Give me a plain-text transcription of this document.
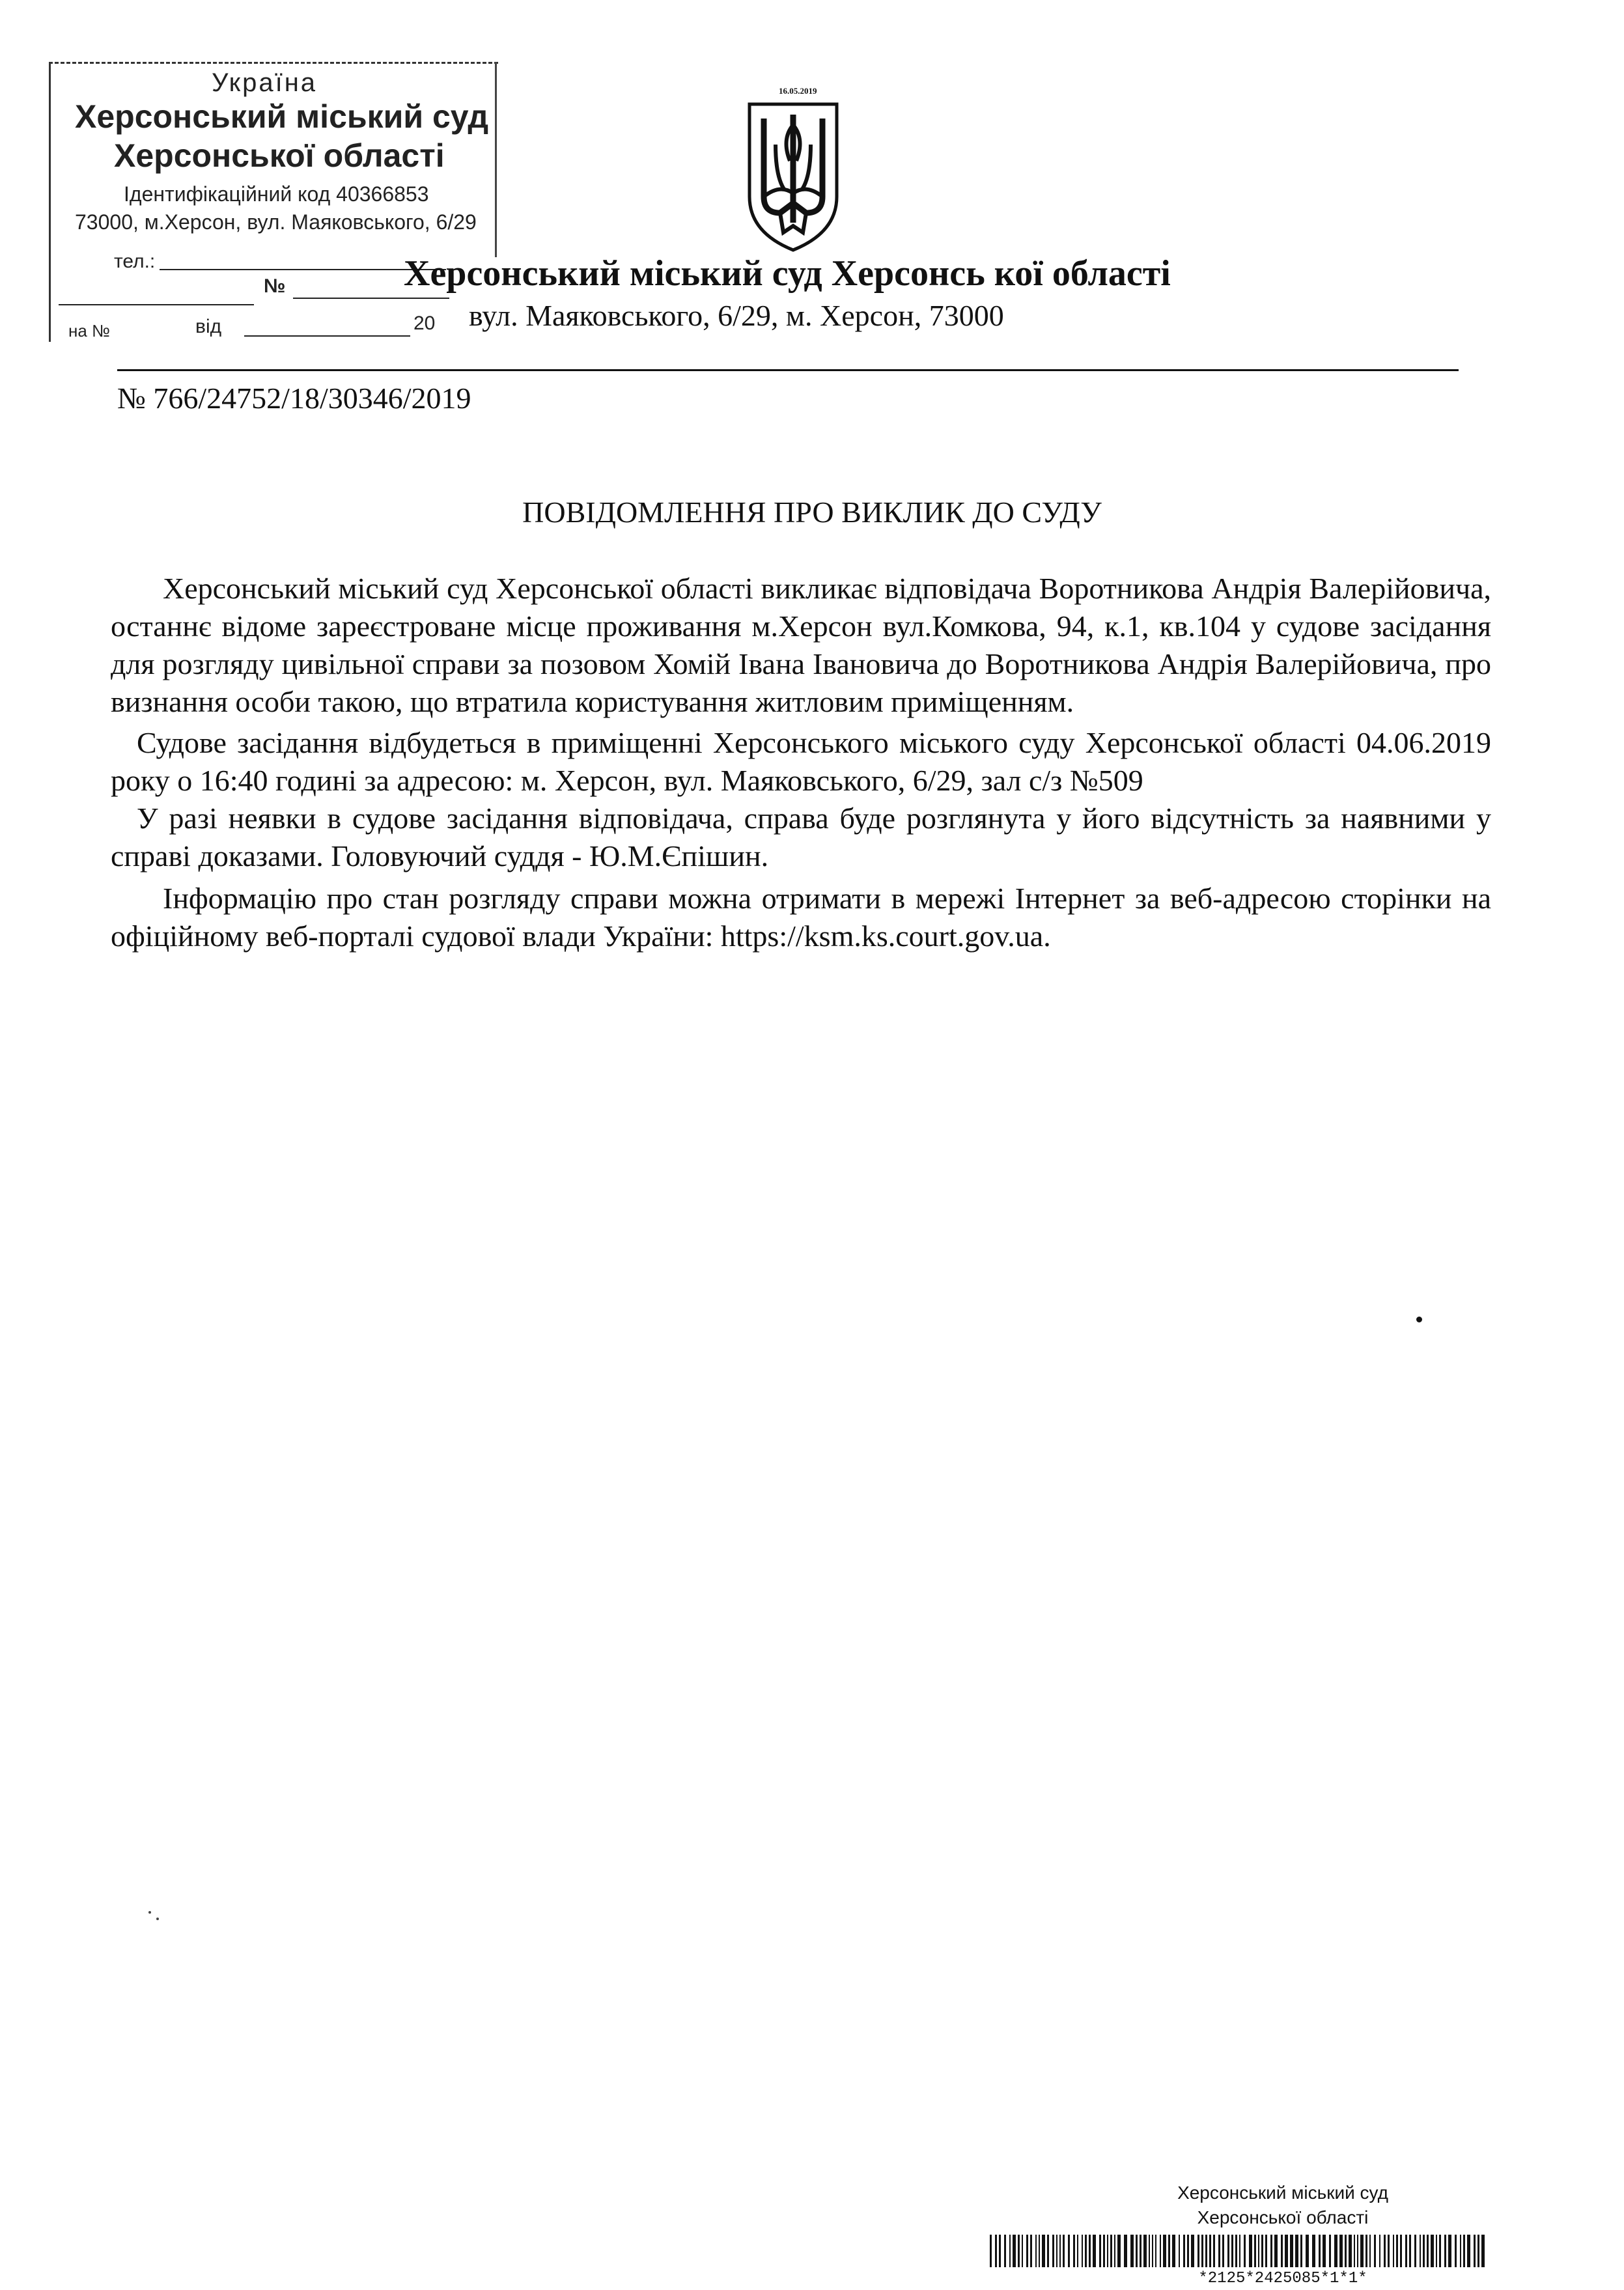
Україна
Херсонський міський суд
Херсонської області
Ідентифікаційний код 40366853
73000, м.Херсон, вул. Маяковського, 6/29
тел.:
№
на №	від	20
16.05.2019
Херсонський міський суд Херсонсь кої області
вул. Маяковського, 6/29, м. Херсон, 73000
№ 766/24752/18/30346/2019
ПОВІДОМЛЕННЯ ПРО ВИКЛИК ДО СУДУ

Херсонський міський суд Херсонської області викликає відповідача Воротникова Андрія Валерійовича, останнє відоме зареєстроване місце проживання м.Херсон вул.Комкова, 94, к.1, кв.104 у судове засідання для розгляду цивільної справи за позовом Хомій Івана Івановича до Воротникова Андрія Валерійовича, про визнання особи такою, що втратила користування житловим приміщенням.

Судове засідання відбудеться в приміщенні Херсонського міського суду Херсонської області 04.06.2019 року о 16:40 годині за адресою: м. Херсон, вул. Маяковського, 6/29, зал с/з №509

У разі неявки в судове засідання відповідача, справа буде розглянута у його відсутність за наявними у справі доказами. Головуючий суддя - Ю.М.Єпішин.

Інформацію про стан розгляду справи можна отримати в мережі Інтернет за веб-адресою сторінки на офіційному веб-порталі судової влади України: https://ksm.ks.court.gov.ua.

Херсонський міський суд
Херсонської області
*2125*2425085*1*1*
